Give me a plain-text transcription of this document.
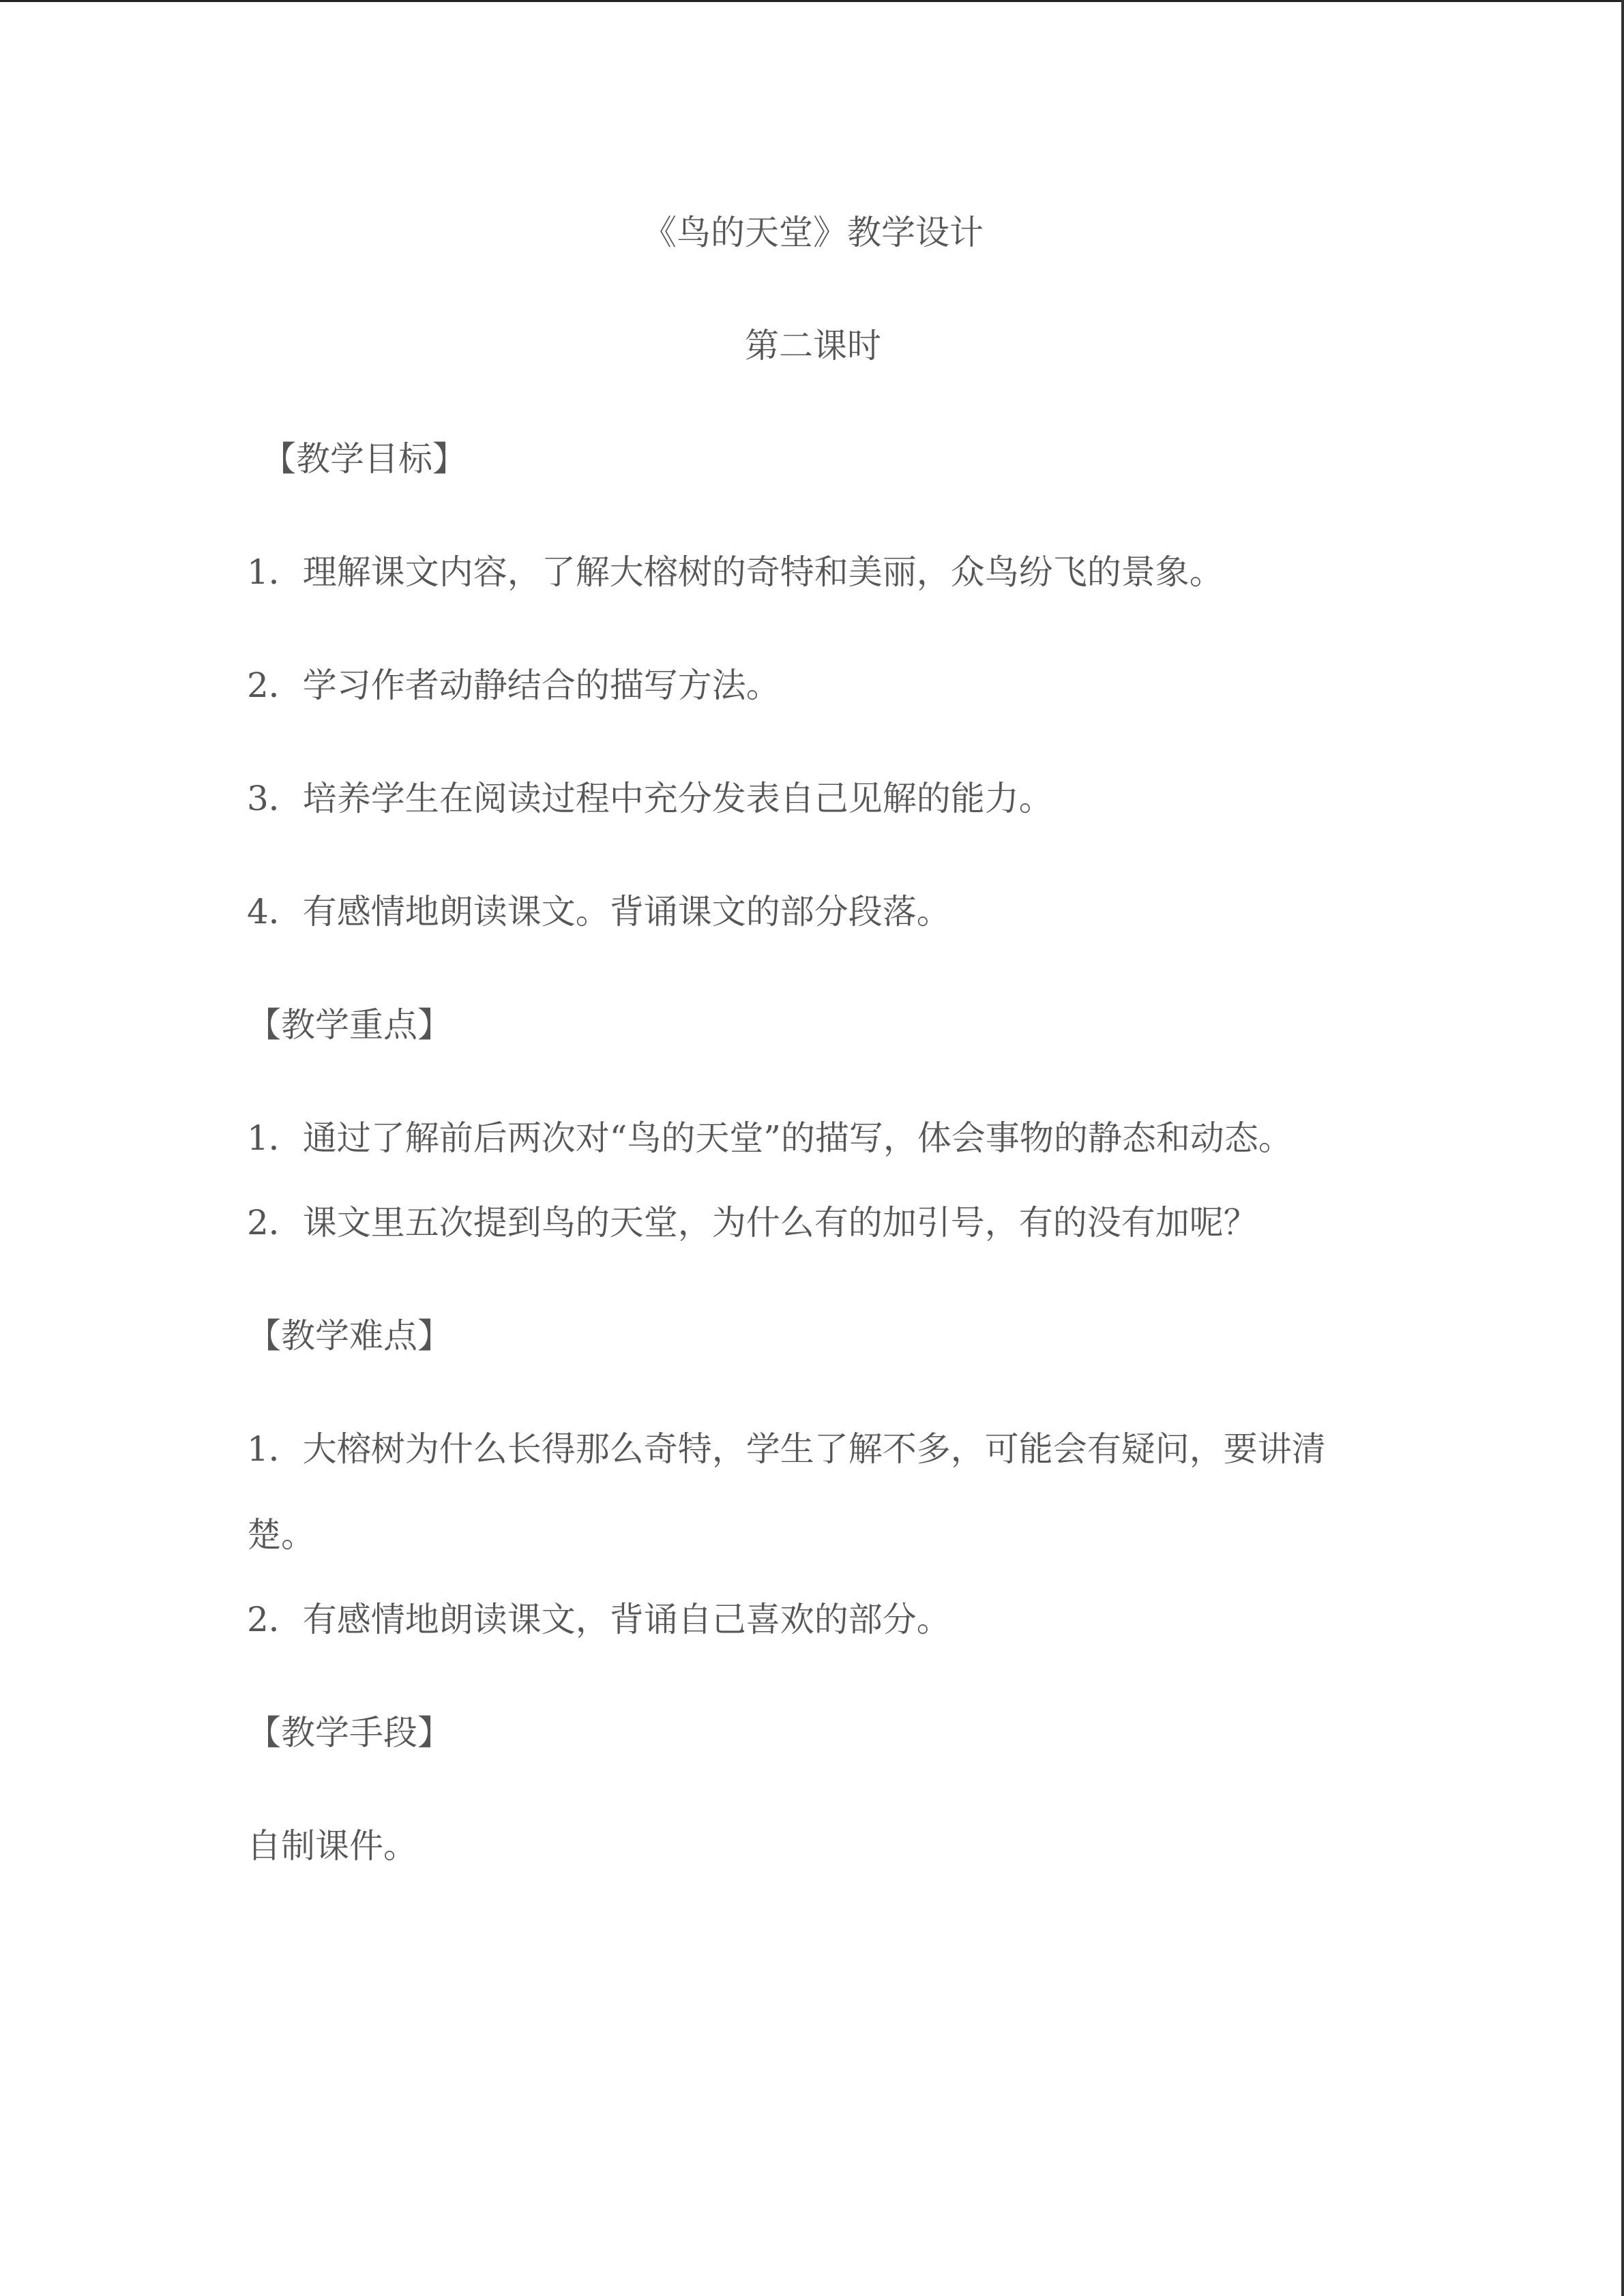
《鸟的天堂》教学设计
第二课时
【教学目标】
1．理解课文内容，了解大榕树的奇特和美丽，众鸟纷飞的景象。
2．学习作者动静结合的描写方法。
3．培养学生在阅读过程中充分发表自己见解的能力。
4．有感情地朗读课文。背诵课文的部分段落。
【教学重点】
1．通过了解前后两次对“鸟的天堂”的描写，体会事物的静态和动态。
2．课文里五次提到鸟的天堂，为什么有的加引号，有的没有加呢？
【教学难点】
1．大榕树为什么长得那么奇特，学生了解不多，可能会有疑问，要讲清楚。
2．有感情地朗读课文，背诵自己喜欢的部分。
【教学手段】
自制课件。
